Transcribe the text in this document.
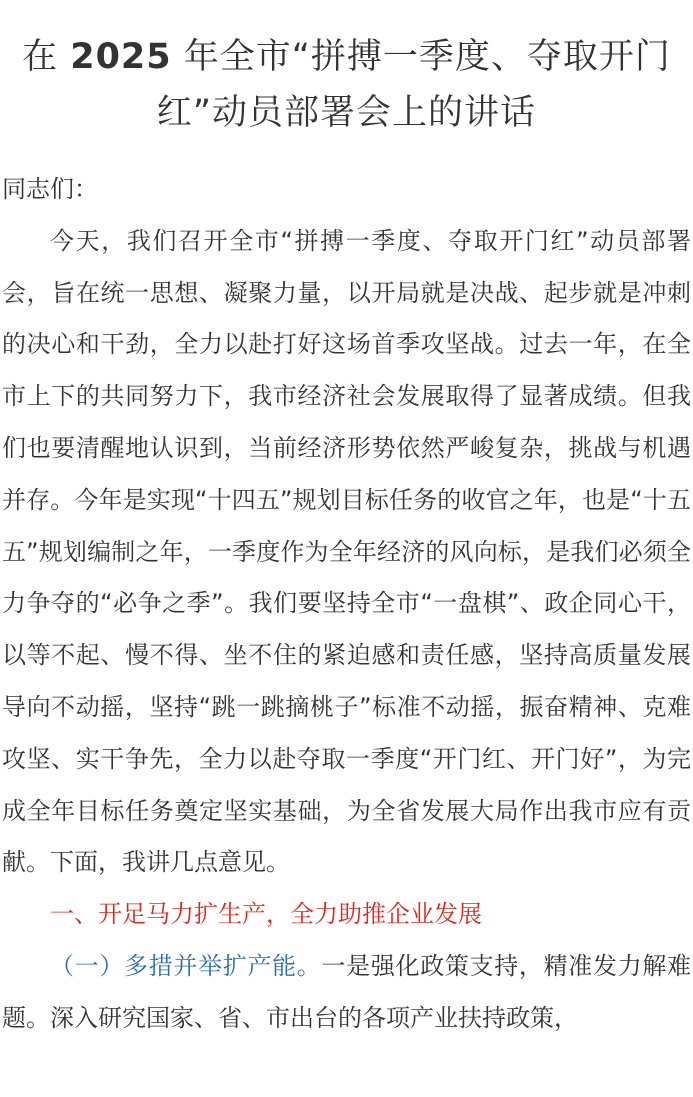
在 2025 年全市“拼搏一季度、夺取开门红”动员部署会上的讲话

同志们：

今天，我们召开全市“拼搏一季度、夺取开门红”动员部署会，旨在统一思想、凝聚力量，以开局就是决战、起步就是冲刺的决心和干劲，全力以赴打好这场首季攻坚战。过去一年，在全市上下的共同努力下，我市经济社会发展取得了显著成绩。但我们也要清醒地认识到，当前经济形势依然严峻复杂，挑战与机遇并存。今年是实现“十四五”规划目标任务的收官之年，也是“十五五”规划编制之年，一季度作为全年经济的风向标，是我们必须全力争夺的“必争之季”。我们要坚持全市“一盘棋”、政企同心干，以等不起、慢不得、坐不住的紧迫感和责任感，坚持高质量发展导向不动摇，坚持“跳一跳摘桃子”标准不动摇，振奋精神、克难攻坚、实干争先，全力以赴夺取一季度“开门红、开门好”，为完成全年目标任务奠定坚实基础，为全省发展大局作出我市应有贡献。下面，我讲几点意见。

一、开足马力扩生产，全力助推企业发展

（一）多措并举扩产能。一是强化政策支持，精准发力解难题。深入研究国家、省、市出台的各项产业扶持政策，
